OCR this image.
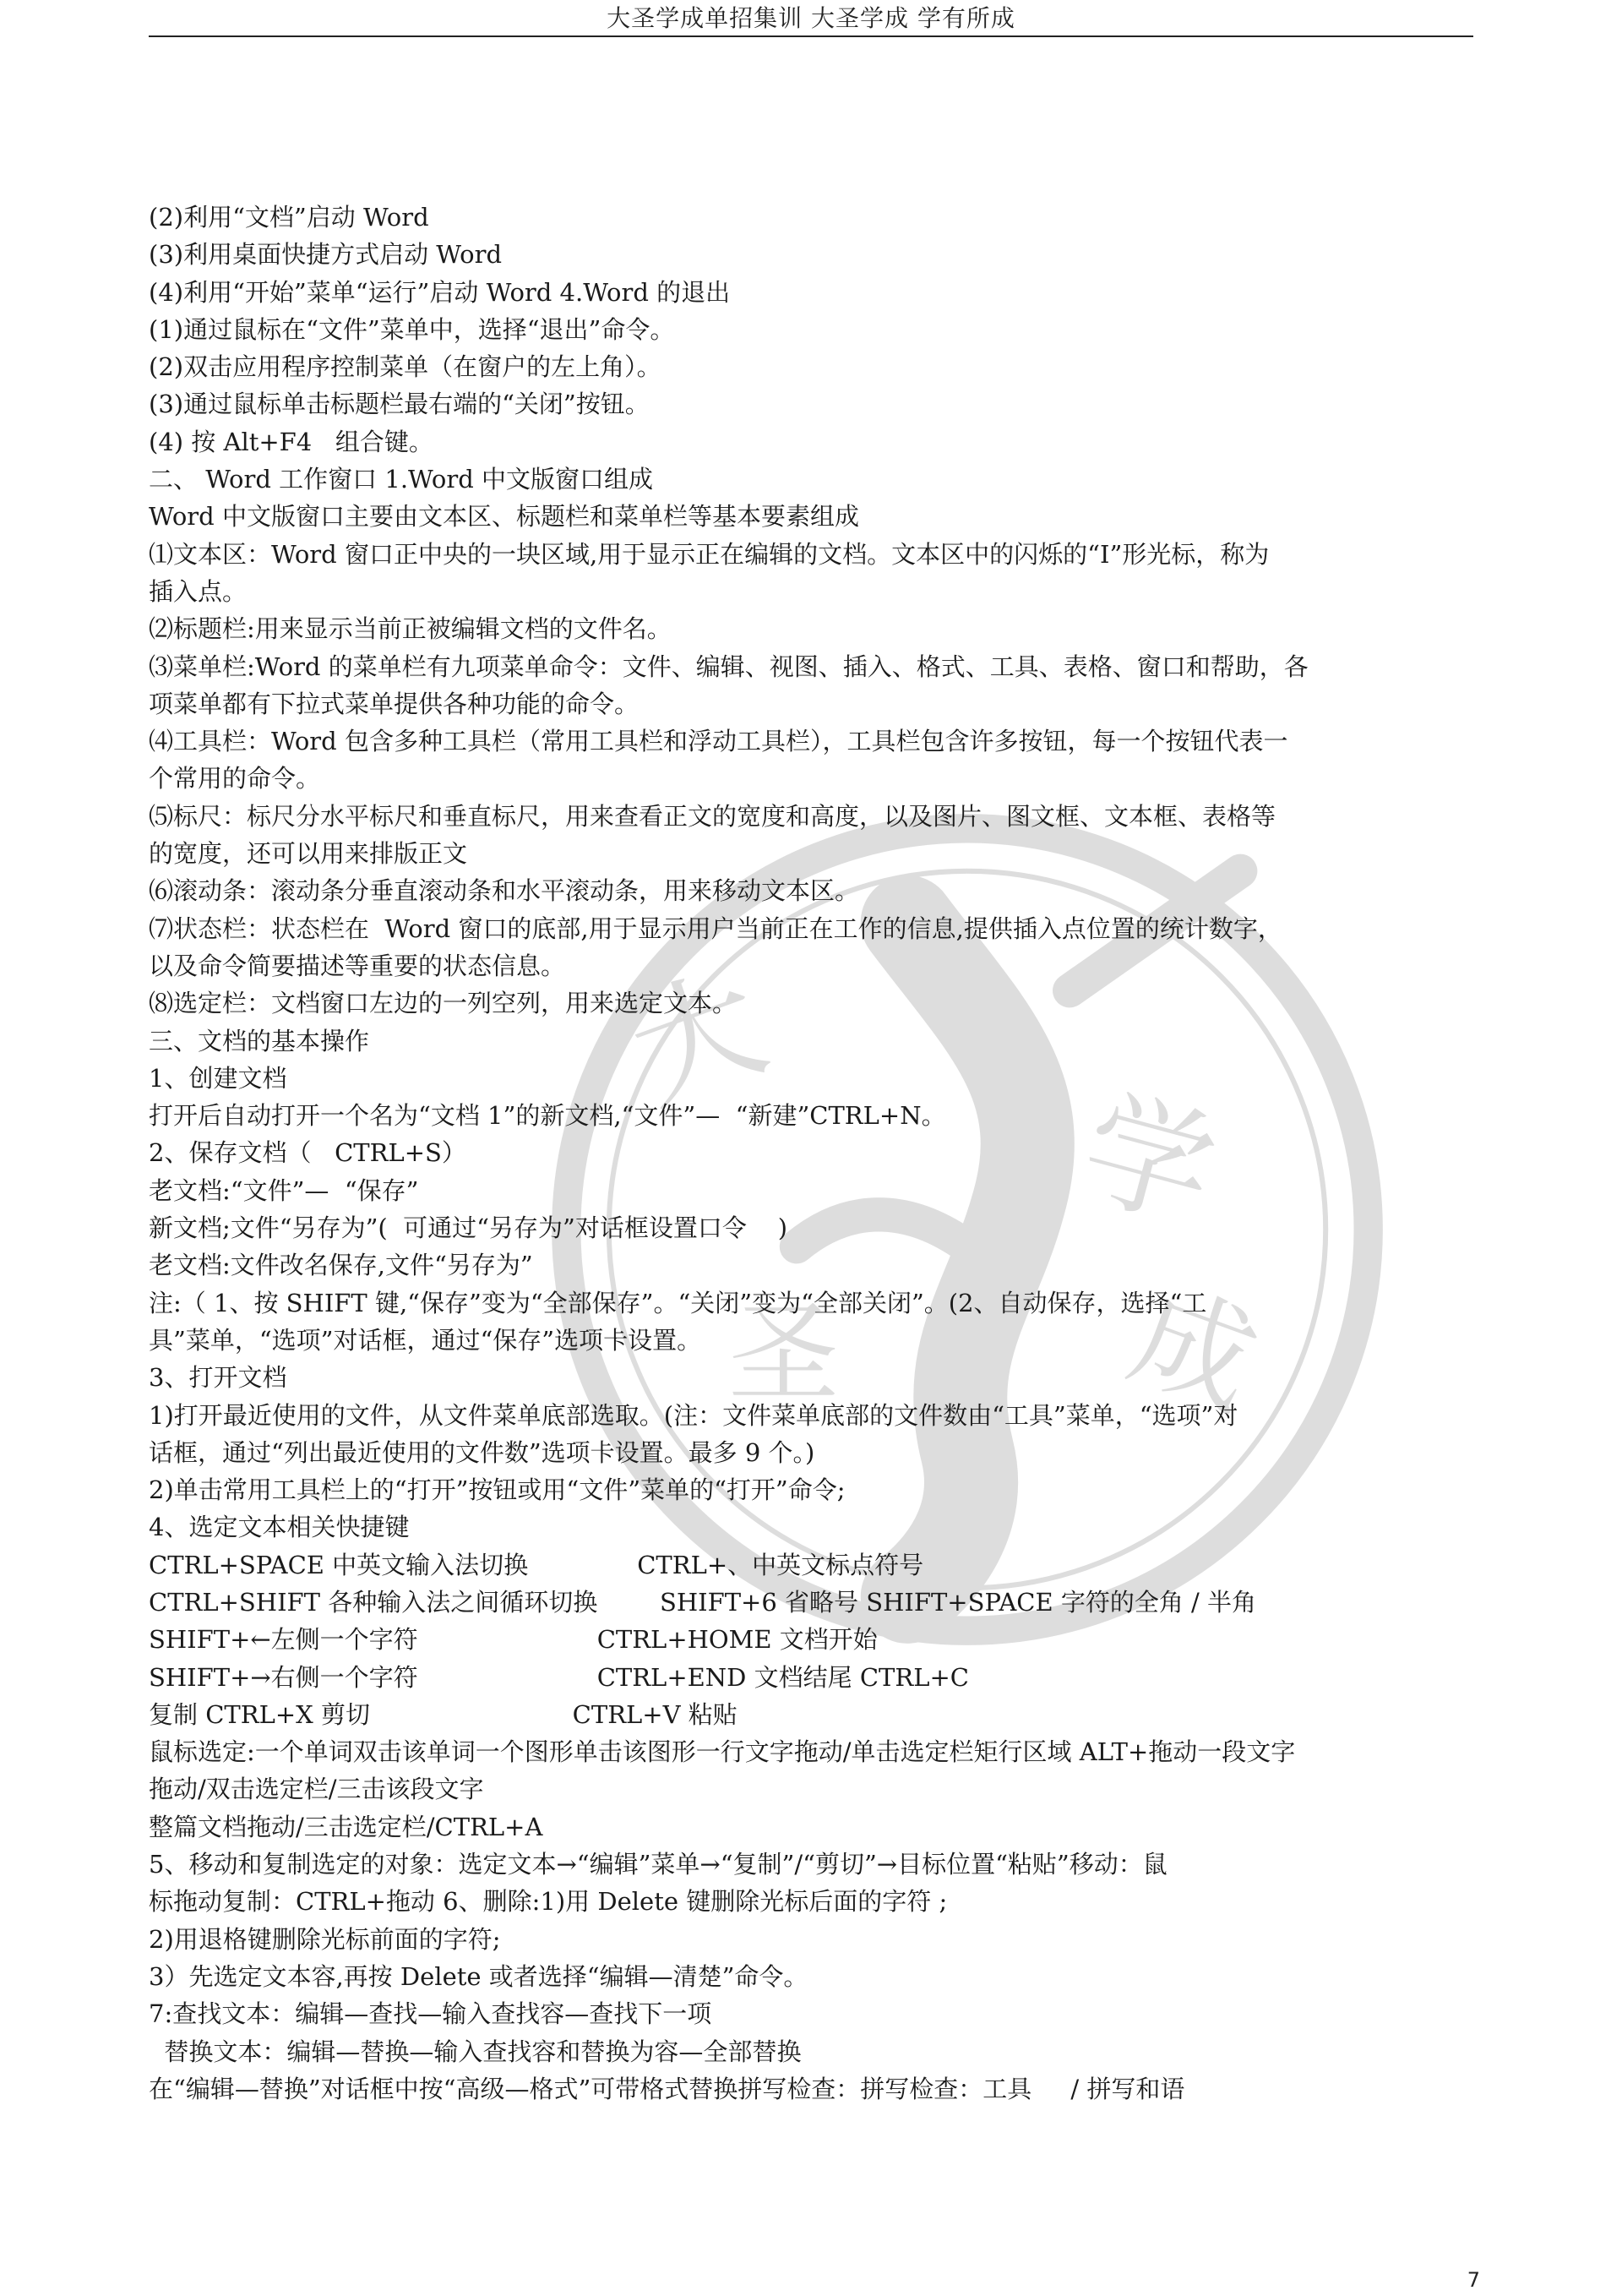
大圣学成单招集训 大圣学成 学有所成
大
圣
学
成
(2)利用“文档”启动 Word
(3)利用桌面快捷方式启动 Word
(4)利用“开始”菜单“运行”启动 Word 4.Word 的退出
(1)通过鼠标在“文件”菜单中，选择“退出”命令。
(2)双击应用程序控制菜单（在窗户的左上角）。
(3)通过鼠标单击标题栏最右端的“关闭”按钮。
(4) 按 Alt+F4   组合键。
二、 Word 工作窗口 1.Word 中文版窗口组成
Word 中文版窗口主要由文本区、标题栏和菜单栏等基本要素组成
⑴文本区：Word 窗口正中央的一块区域,用于显示正在编辑的文档。文本区中的闪烁的“I”形光标，称为
插入点。
⑵标题栏:用来显示当前正被编辑文档的文件名。
⑶菜单栏:Word 的菜单栏有九项菜单命令：文件、编辑、视图、插入、格式、工具、表格、窗口和帮助，各
项菜单都有下拉式菜单提供各种功能的命令。
⑷工具栏：Word 包含多种工具栏（常用工具栏和浮动工具栏），工具栏包含许多按钮，每一个按钮代表一
个常用的命令。
⑸标尺：标尺分水平标尺和垂直标尺，用来查看正文的宽度和高度，以及图片、图文框、文本框、表格等
的宽度，还可以用来排版正文
⑹滚动条：滚动条分垂直滚动条和水平滚动条，用来移动文本区。
⑺状态栏：状态栏在  Word 窗口的底部,用于显示用户当前正在工作的信息,提供插入点位置的统计数字，
以及命令简要描述等重要的状态信息。
⑻选定栏：文档窗口左边的一列空列，用来选定文本。
三、文档的基本操作
1、创建文档
打开后自动打开一个名为“文档 1”的新文档,“文件”—  “新建”CTRL+N。
2、保存文档（   CTRL+S）
老文档:“文件”—  “保存”
新文档;文件“另存为”(  可通过“另存为”对话框设置口令    )
老文档:文件改名保存,文件“另存为”
注:（ 1、按 SHIFT 键,“保存”变为“全部保存”。“关闭”变为“全部关闭”。(2、自动保存，选择“工
具”菜单，“选项”对话框，通过“保存”选项卡设置。
3、打开文档
1)打开最近使用的文件，从文件菜单底部选取。(注：文件菜单底部的文件数由“工具”菜单，“选项”对
话框，通过“列出最近使用的文件数”选项卡设置。最多 9 个。)
2)单击常用工具栏上的“打开”按钮或用“文件”菜单的“打开”命令;
4、选定文本相关快捷键
CTRL+SPACE 中英文输入法切换              CTRL+、中英文标点符号
CTRL+SHIFT 各种输入法之间循环切换        SHIFT+6 省略号 SHIFT+SPACE 字符的全角 / 半角
SHIFT+←左侧一个字符                       CTRL+HOME 文档开始
SHIFT+→右侧一个字符                       CTRL+END 文档结尾 CTRL+C
复制 CTRL+X 剪切                          CTRL+V 粘贴
鼠标选定:一个单词双击该单词一个图形单击该图形一行文字拖动/单击选定栏矩行区域 ALT+拖动一段文字
拖动/双击选定栏/三击该段文字
整篇文档拖动/三击选定栏/CTRL+A
5、移动和复制选定的对象：选定文本→“编辑”菜单→“复制”/“剪切”→目标位置“粘贴”移动：鼠
标拖动复制：CTRL+拖动 6、删除:1)用 Delete 键删除光标后面的字符 ;
2)用退格键删除光标前面的字符;
3）先选定文本容,再按 Delete 或者选择“编辑—清楚”命令。
7:查找文本：编辑—查找—输入查找容—查找下一项
替换文本：编辑—替换—输入查找容和替换为容—全部替换
在“编辑—替换”对话框中按“高级—格式”可带格式替换拼写检查：拼写检查：工具     / 拼写和语
7
